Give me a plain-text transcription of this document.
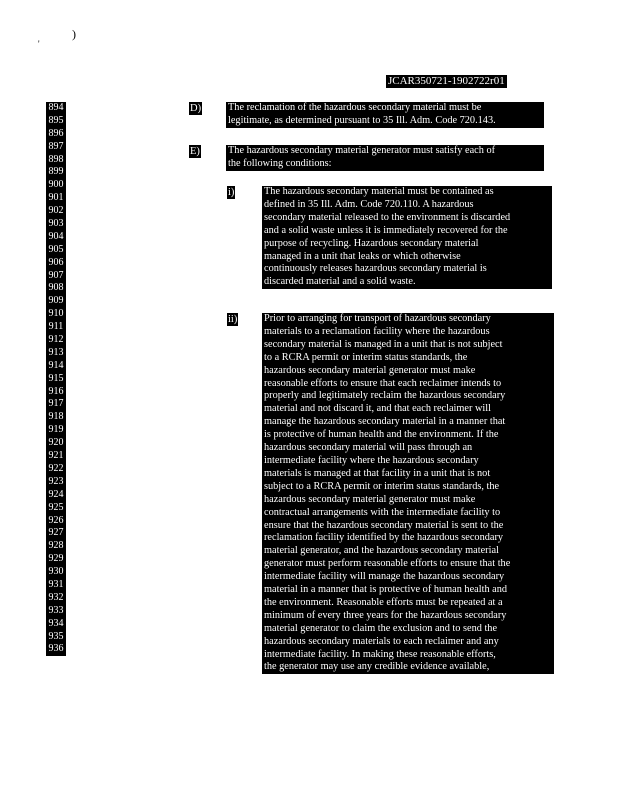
'
)
JCAR350721-1902722r01
894
895
896
897
898
899
900
901
902
903
904
905
906
907
908
909
910
911
912
913
914
915
916
917
918
919
920
921
922
923
924
925
926
927
928
929
930
931
932
933
934
935
936
D)	The reclamation of the hazardous secondary material must be
legitimate, as determined pursuant to 35 Ill. Adm. Code 720.143.
E)	The hazardous secondary material generator must satisfy each of
the following conditions:
i)	The hazardous secondary material must be contained as
defined in 35 Ill. Adm. Code 720.110. A hazardous
secondary material released to the environment is discarded
and a solid waste unless it is immediately recovered for the
purpose of recycling. Hazardous secondary material
managed in a unit that leaks or which otherwise
continuously releases hazardous secondary material is
discarded material and a solid waste.
ii)	Prior to arranging for transport of hazardous secondary
materials to a reclamation facility where the hazardous
secondary material is managed in a unit that is not subject
to a RCRA permit or interim status standards, the
hazardous secondary material generator must make
reasonable efforts to ensure that each reclaimer intends to
properly and legitimately reclaim the hazardous secondary
material and not discard it, and that each reclaimer will
manage the hazardous secondary material in a manner that
is protective of human health and the environment. If the
hazardous secondary material will pass through an
intermediate facility where the hazardous secondary
materials is managed at that facility in a unit that is not
subject to a RCRA permit or interim status standards, the
hazardous secondary material generator must make
contractual arrangements with the intermediate facility to
ensure that the hazardous secondary material is sent to the
reclamation facility identified by the hazardous secondary
material generator, and the hazardous secondary material
generator must perform reasonable efforts to ensure that the
intermediate facility will manage the hazardous secondary
material in a manner that is protective of human health and
the environment. Reasonable efforts must be repeated at a
minimum of every three years for the hazardous secondary
material generator to claim the exclusion and to send the
hazardous secondary materials to each reclaimer and any
intermediate facility. In making these reasonable efforts,
the generator may use any credible evidence available,
